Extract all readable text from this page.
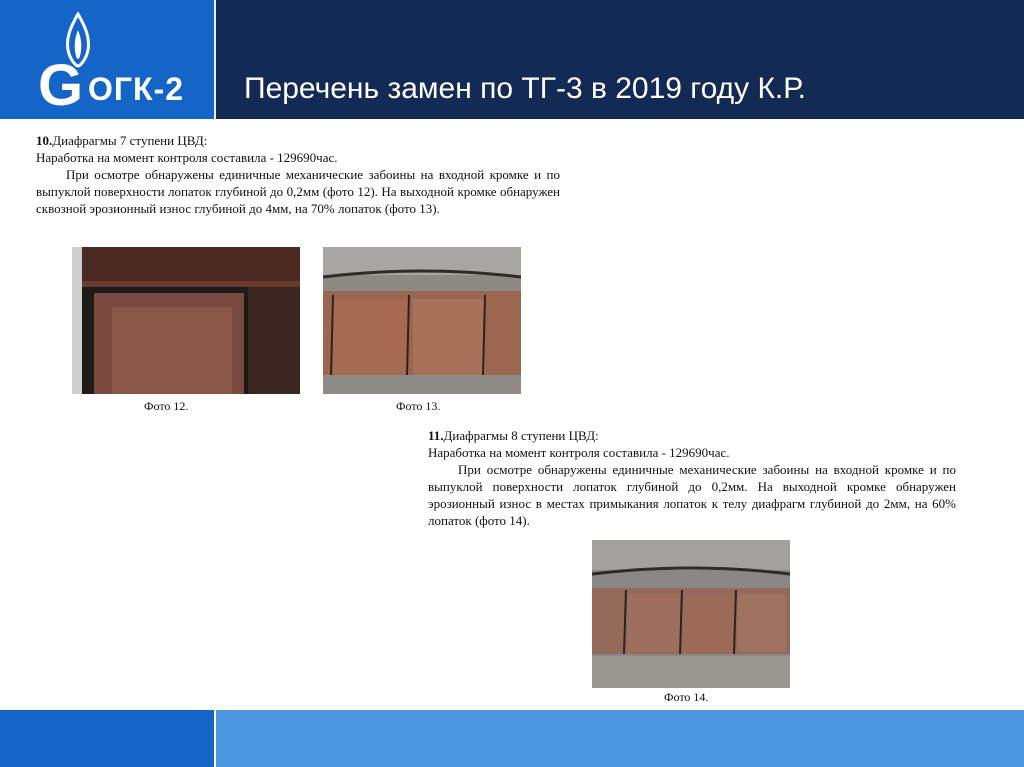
G ОГК-2 Перечень замен по ТГ-3 в 2019 году К.Р.
10.Диафрагмы 7 ступени ЦВД:

Наработка на момент контроля составила - 129690час.

При осмотре обнаружены единичные механические забоины на входной кромке и по выпуклой поверхности лопаток глубиной до 0,2мм (фото 12). На выходной кромке обнаружен сквозной эрозионный износ глубиной до 4мм, на 70% лопаток (фото 13).

Фото 12.	Фото 13.
11.Диафрагмы 8 ступени ЦВД:

Наработка на момент контроля составила - 129690час.

При осмотре обнаружены единичные механические забоины на входной кромке и по выпуклой поверхности лопаток глубиной до 0,2мм. На выходной кромке обнаружен эрозионный износ в местах примыкания лопаток к телу диафрагм глубиной до 2мм, на 60% лопаток (фото 14).

Фото 14.
